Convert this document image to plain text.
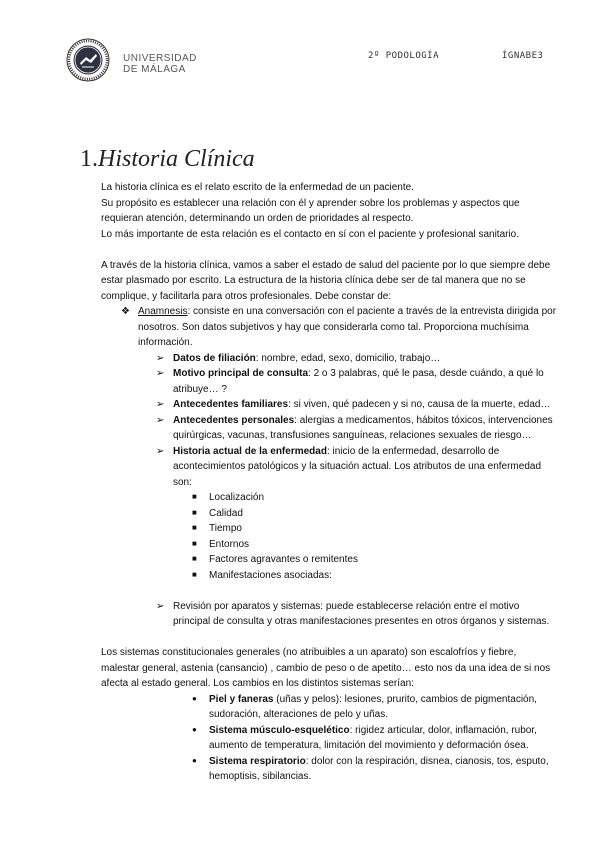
UNIVERSIDAD
DE MÁLAGA
2º PODOLOGÍA	ÍGNABE3
1.Historia Clínica

La historia clínica es el relato escrito de la enfermedad de un paciente.

Su propósito es establecer una relación con él y aprender sobre los problemas y aspectos que requieran atención, determinando un orden de prioridades al respecto.

Lo más importante de esta relación es el contacto en sí con el paciente y profesional sanitario.

A través de la historia clínica, vamos a saber el estado de salud del paciente por lo que siempre debe estar plasmado por escrito. La estructura de la historia clínica debe ser de tal manera que no se complique, y facilitarla para otros profesionales. Debe constar de:

❖ Anamnesis: consiste en una conversación con el paciente a través de la entrevista dirigida por nosotros. Son datos subjetivos y hay que considerarla como tal. Proporciona muchísima información.
➢ Datos de filiación: nombre, edad, sexo, domicilio, trabajo…
➢ Motivo principal de consulta: 2 o 3 palabras, qué le pasa, desde cuándo, a qué lo atribuye… ?
➢ Antecedentes familiares: si viven, qué padecen y si no, causa de la muerte, edad…
➢ Antecedentes personales: alergias a medicamentos, hábitos tóxicos, intervenciones quirúrgicas, vacunas, transfusiones sanguíneas, relaciones sexuales de riesgo…
➢ Historia actual de la enfermedad: inicio de la enfermedad, desarrollo de acontecimientos patológicos y la situación actual. Los atributos de una enfermedad son:
■ Localización
■ Calidad
■ Tiempo
■ Entornos
■ Factores agravantes o remitentes
■ Manifestaciones asociadas:
➢ Revisión por aparatos y sistemas: puede establecerse relación entre el motivo principal de consulta y otras manifestaciones presentes en otros órganos y sistemas.

Los sistemas constitucionales generales (no atribuibles a un aparato) son escalofríos y fiebre, malestar general, astenia (cansancio) , cambio de peso o de apetito… esto nos da una idea de si nos afecta al estado general. Los cambios en los distintos sistemas serían:

● Piel y faneras (uñas y pelos): lesiones, prurito, cambios de pigmentación, sudoración, alteraciones de pelo y uñas.
● Sistema músculo-esquelético: rigidez articular, dolor, inflamación, rubor, aumento de temperatura, limitación del movimiento y deformación ósea.
● Sistema respiratorio: dolor con la respiración, disnea, cianosis, tos, esputo, hemoptisis, sibilancias.
